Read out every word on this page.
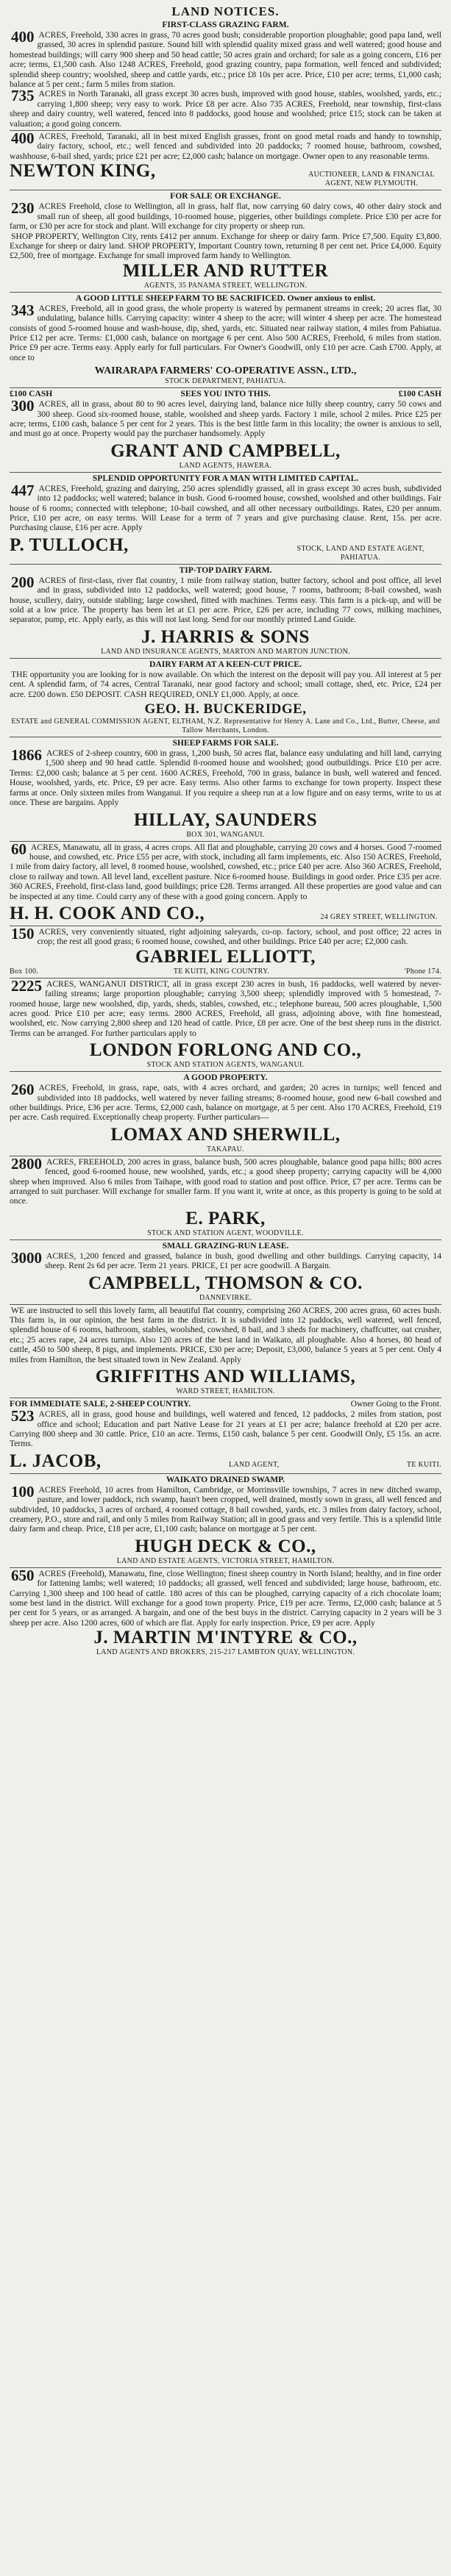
LAND NOTICES.
FIRST-CLASS GRAZING FARM.
400 ACRES, Freehold, 330 acres in grass, 70 acres good bush; considerable proportion ploughable; good papa land, well grassed, 30 acres in splendid pasture. Sound hill with splendid quality mixed grass and well watered; good house and homestead buildings; will carry 900 sheep and 50 head cattle; 50 acres grain and orchard; for sale as a going concern, £16 per acre; terms, £1,500 cash. Also 1248 ACRES, Freehold, good grazing country, papa formation, well fenced and subdivided; splendid sheep country; woolshed, sheep and cattle yards, etc.; price £8 10s per acre. Price, £10 per acre; terms, £1,000 cash; balance at 5 per cent.; farm 5 miles from station.
735 ACRES in North Taranaki, all grass except 30 acres bush, improved with good house, stables, woolshed, yards, etc.; carrying 1,800 sheep; very easy to work. Price £8 per acre. Also 735 ACRES, Freehold, near township, first-class sheep and dairy country, well watered, fenced into 8 paddocks, good house and woolshed; price £15; stock can be taken at valuation; a good going concern.
400 ACRES, Freehold, Taranaki, all in best mixed English grasses, front on good metal roads and handy to township, dairy factory, school, etc.; well fenced and subdivided into 20 paddocks; 7 roomed house, bathroom, cowshed, washhouse, 6-bail shed, yards; price £21 per acre; £2,000 cash; balance on mortgage. Owner open to any reasonable terms.
NEWTON KING,	AUCTIONEER, LAND & FINANCIAL AGENT, NEW PLYMOUTH.
FOR SALE OR EXCHANGE.
230 ACRES Freehold, close to Wellington, all in grass, half flat, now carrying 60 dairy cows, 40 other dairy stock and small run of sheep, all good buildings, 10-roomed house, piggeries, other buildings complete. Price £30 per acre for farm, or £30 per acre for stock and plant. Will exchange for city property or sheep run.
SHOP PROPERTY, Wellington City, rents £412 per annum. Exchange for sheep or dairy farm. Price £7,500. Equity £3,800. Exchange for sheep or dairy land. SHOP PROPERTY, Important Country town, returning 8 per cent net. Price £4,000. Equity £2,500, free of mortgage. Exchange for small improved farm handy to Wellington.
MILLER AND RUTTER
AGENTS, 35 PANAMA STREET, WELLINGTON.
A GOOD LITTLE SHEEP FARM TO BE SACRIFICED. Owner anxious to enlist.
343 ACRES, Freehold, all in good grass, the whole property is watered by permanent streams in creek; 20 acres flat, 30 undulating, balance hills. Carrying capacity: winter 4 sheep to the acre; will winter 4 sheep per acre. The homestead consists of good 5-roomed house and wash-house, dip, shed, yards, etc. Situated near railway station, 4 miles from Pahiatua. Price £12 per acre. Terms: £1,000 cash, balance on mortgage 6 per cent. Also 500 ACRES, Freehold, 6 miles from station. Price £9 per acre. Terms easy. Apply early for full particulars. For Owner's Goodwill, only £10 per acre. Cash £700. Apply, at once to
WAIRARAPA FARMERS' CO-OPERATIVE ASSN., LTD.,
STOCK DEPARTMENT, PAHIATUA.
£100 CASH	SEES YOU INTO THIS.	£100 CASH
300 ACRES, all in grass, about 80 to 90 acres level, dairying land, balance nice hilly sheep country, carry 50 cows and 300 sheep. Good six-roomed house, stable, woolshed and sheep yards. Factory 1 mile, school 2 miles. Price £25 per acre; terms, £100 cash, balance 5 per cent for 2 years. This is the best little farm in this locality; the owner is anxious to sell, and must go at once. Property would pay the purchaser handsomely. Apply
GRANT AND CAMPBELL,
LAND AGENTS, HAWERA.
SPLENDID OPPORTUNITY FOR A MAN WITH LIMITED CAPITAL.
447 ACRES, Freehold, grazing and dairying, 250 acres splendidly grassed, all in grass except 30 acres bush, subdivided into 12 paddocks; well watered; balance in bush. Good 6-roomed house, cowshed, woolshed and other buildings. Fair house of 6 rooms; connected with telephone; 10-bail cowshed, and all other necessary outbuildings. Rates, £20 per annum. Price, £10 per acre, on easy terms. Will Lease for a term of 7 years and give purchasing clause. Rent, 15s. per acre. Purchasing clause, £16 per acre. Apply
P. TULLOCH,	STOCK, LAND AND ESTATE AGENT, PAHIATUA.
TIP-TOP DAIRY FARM.
200 ACRES of first-class, river flat country, 1 mile from railway station, butter factory, school and post office, all level and in grass, subdivided into 12 paddocks, well watered; good house, 7 rooms, bathroom; 8-bail cowshed, wash house, scullery, dairy, outside stabling; large cowshed, fitted with machines. Terms easy. This farm is a pick-up, and will be sold at a low price. The property has been let at £1 per acre. Price, £26 per acre, including 77 cows, milking machines, separator, pump, etc. Apply early, as this will not last long. Send for our monthly printed Land Guide.
J. HARRIS & SONS
LAND AND INSURANCE AGENTS, MARTON AND MARTON JUNCTION.
DAIRY FARM AT A KEEN-CUT PRICE.
THE opportunity you are looking for is now available. On which the interest on the deposit will pay you. All interest at 5 per cent. A splendid farm, of 74 acres, Central Taranaki, near good factory and school; small cottage, shed, etc. Price, £24 per acre. £200 down. £50 DEPOSIT. CASH REQUIRED, ONLY £1,000. Apply, at once.
GEO. H. BUCKERIDGE,
ESTATE and GENERAL COMMISSION AGENT, ELTHAM, N.Z. Representative for Henry A. Lane and Co., Ltd., Butter, Cheese, and Tallow Merchants, London.
SHEEP FARMS FOR SALE.
1866 ACRES of 2-sheep country, 600 in grass, 1,200 bush, 50 acres flat, balance easy undulating and hill land, carrying 1,500 sheep and 90 head cattle. Splendid 8-roomed house and woolshed; good outbuildings. Price £10 per acre. Terms: £2,000 cash; balance at 5 per cent. 1600 ACRES, Freehold, 700 in grass, balance in bush, well watered and fenced. House, woolshed, yards, etc. Price, £9 per acre. Easy terms. Also other farms to exchange for town property. Inspect these farms at once. Only sixteen miles from Wanganui. If you require a sheep run at a low figure and on easy terms, write to us at once. These are bargains. Apply
HILLAY, SAUNDERS
BOX 301, WANGANUI.
60 ACRES, Manawatu, all in grass, 4 acres crops. All flat and ploughable, carrying 20 cows and 4 horses. Good 7-roomed house, and cowshed, etc. Price £55 per acre, with stock, including all farm implements, etc. Also 150 ACRES, Freehold, 1 mile from dairy factory, all level, 8 roomed house, woolshed, cowshed, etc.; price £40 per acre. Also 360 ACRES, Freehold, close to railway and town. All level land, excellent pasture. Nice 6-roomed house. Buildings in good order. Price £35 per acre. 360 ACRES, Freehold, first-class land, good buildings; price £28. Terms arranged. All these properties are good value and can be inspected at any time. Could carry any of these with a good going concern. Apply to
H. H. COOK AND CO.,	24 GREY STREET, WELLINGTON.
150 ACRES, very conveniently situated, right adjoining saleyards, co-op. factory, school, and post office; 22 acres in crop; the rest all good grass; 6 roomed house, cowshed, and other buildings. Price £40 per acre; £2,000 cash.
GABRIEL ELLIOTT,
Box 100.	TE KUITI, KING COUNTRY.	'Phone 174.
2225 ACRES, WANGANUI DISTRICT, all in grass except 230 acres in bush, 16 paddocks, well watered by never-failing streams; large proportion ploughable; carrying 3,500 sheep; splendidly improved with 5 homestead, 7-roomed house, large new woolshed, dip, yards, sheds, stables, cowshed, etc.; telephone bureau, 500 acres ploughable, 1,500 acres good. Price £10 per acre; easy terms. 2800 ACRES, Freehold, all grass, adjoining above, with fine homestead, woolshed, etc. Now carrying 2,800 sheep and 120 head of cattle. Price, £8 per acre. One of the best sheep runs in the district. Terms can be arranged. For further particulars apply to
LONDON FORLONG AND CO.,
STOCK AND STATION AGENTS, WANGANUI.
A GOOD PROPERTY.
260 ACRES, Freehold, in grass, rape, oats, with 4 acres orchard, and garden; 20 acres in turnips; well fenced and subdivided into 18 paddocks, well watered by never failing streams; 8-roomed house, good new 6-bail cowshed and other buildings. Price, £36 per acre. Terms, £2,000 cash, balance on mortgage, at 5 per cent. Also 170 ACRES, Freehold, £19 per acre. Cash required. Exceptionally cheap property. Further particulars—
LOMAX AND SHERWILL,
TAKAPAU.
2800 ACRES, FREEHOLD, 200 acres in grass, balance bush, 500 acres ploughable, balance good papa hills; 800 acres fenced, good 6-roomed house, new woolshed, yards, etc.; a good sheep property; carrying capacity will be 4,000 sheep when improved. Also 6 miles from Taihape, with good road to station and post office. Price, £7 per acre. Terms can be arranged to suit purchaser. Will exchange for smaller farm. If you want it, write at once, as this property is going to be sold at once.
E. PARK,
STOCK AND STATION AGENT, WOODVILLE.
SMALL GRAZING-RUN LEASE.
3000 ACRES, 1,200 fenced and grassed, balance in bush, good dwelling and other buildings. Carrying capacity, 14 sheep. Rent 2s 6d per acre. Term 21 years. PRICE, £1 per acre goodwill. A Bargain.
CAMPBELL, THOMSON & CO.
DANNEVIRKE.
WE are instructed to sell this lovely farm, all beautiful flat country, comprising 260 ACRES, 200 acres grass, 60 acres bush. This farm is, in our opinion, the best farm in the district. It is subdivided into 12 paddocks, well watered, well fenced, splendid house of 6 rooms, bathroom, stables, woolshed, cowshed, 8 bail, and 3 sheds for machinery, chaffcutter, oat crusher, etc.; 25 acres rape, 24 acres turnips. Also 120 acres of the best land in Waikato, all ploughable. Also 4 horses, 80 head of cattle, 450 to 500 sheep, 8 pigs, and implements. PRICE, £30 per acre; Deposit, £3,000, balance 5 years at 5 per cent. Only 4 miles from Hamilton, the best situated town in New Zealand. Apply
GRIFFITHS AND WILLIAMS,
WARD STREET, HAMILTON.
FOR IMMEDIATE SALE, 2-SHEEP COUNTRY.	Owner Going to the Front.
523 ACRES, all in grass, good house and buildings, well watered and fenced, 12 paddocks, 2 miles from station, post office and school; Education and part Native Lease for 21 years at £1 per acre; balance freehold at £20 per acre. Carrying 800 sheep and 30 cattle. Price, £10 an acre. Terms, £150 cash, balance 5 per cent. Goodwill Only, £5 15s. an acre. Terms.
L. JACOB,	LAND AGENT,	TE KUITI.
WAIKATO DRAINED SWAMP.
100 ACRES Freehold, 10 acres from Hamilton, Cambridge, or Morrinsville townships, 7 acres in new ditched swamp, pasture, and lower paddock, rich swamp, hasn't been cropped, well drained, mostly sown in grass, all well fenced and subdivided, 10 paddocks, 3 acres of orchard, 4 roomed cottage, 8 bail cowshed, yards, etc. 3 miles from dairy factory, school, creamery, P.O., store and rail, and only 5 miles from Railway Station; all in good grass and very fertile. This is a splendid little dairy farm and cheap. Price, £18 per acre, £1,100 cash; balance on mortgage at 5 per cent.
HUGH DECK & CO.,
LAND AND ESTATE AGENTS, VICTORIA STREET, HAMILTON.
650 ACRES (Freehold), Manawatu, fine, close Wellington; finest sheep country in North Island; healthy, and in fine order for fattening lambs; well watered; 10 paddocks; all grassed, well fenced and subdivided; large house, bathroom, etc. Carrying 1,300 sheep and 100 head of cattle. 180 acres of this can be ploughed, carrying capacity of a rich chocolate loam; some best land in the district. Will exchange for a good town property. Price, £19 per acre. Terms, £2,000 cash; balance at 5 per cent for 5 years, or as arranged. A bargain, and one of the best buys in the district. Carrying capacity in 2 years will be 3 sheep per acre. Also 1200 acres, 600 of which are flat. Apply for early inspection. Price, £9 per acre. Apply
J. MARTIN M'INTYRE & CO.,
LAND AGENTS AND BROKERS, 215-217 LAMBTON QUAY, WELLINGTON.
